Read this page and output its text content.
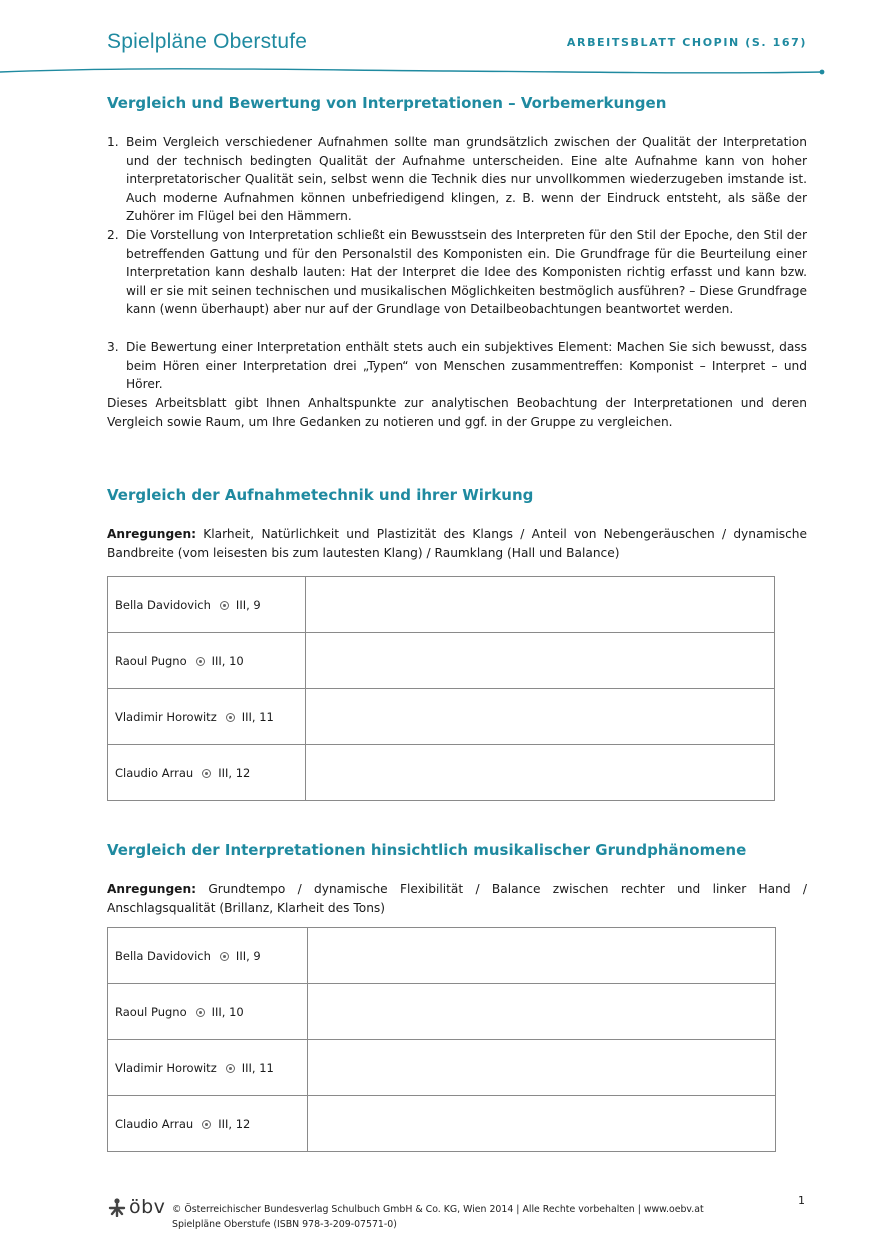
Spielpläne Oberstufe	ARBEITSBLATT CHOPIN (S. 167)
Vergleich und Bewertung von Interpretationen – Vorbemerkungen
1. Beim Vergleich verschiedener Aufnahmen sollte man grundsätzlich zwischen der Qualität der Interpretation und der technisch bedingten Qualität der Aufnahme unterscheiden. Eine alte Aufnahme kann von hoher interpretatorischer Qualität sein, selbst wenn die Technik dies nur unvollkommen wiederzugeben imstande ist. Auch moderne Aufnahmen können unbefriedigend klingen, z. B. wenn der Eindruck entsteht, als säße der Zuhörer im Flügel bei den Hämmern.
2. Die Vorstellung von Interpretation schließt ein Bewusstsein des Interpreten für den Stil der Epoche, den Stil der betreffenden Gattung und für den Personalstil des Komponisten ein. Die Grundfrage für die Beurteilung einer Interpretation kann deshalb lauten: Hat der Interpret die Idee des Komponisten richtig erfasst und kann bzw. will er sie mit seinen technischen und musikalischen Möglichkeiten bestmöglich ausführen? – Diese Grundfrage kann (wenn überhaupt) aber nur auf der Grundlage von Detailbeobachtungen beantwortet werden.
3. Die Bewertung einer Interpretation enthält stets auch ein subjektives Element: Machen Sie sich bewusst, dass beim Hören einer Interpretation drei „Typen“ von Menschen zusammentreffen: Komponist – Interpret – und Hörer.
Dieses Arbeitsblatt gibt Ihnen Anhaltspunkte zur analytischen Beobachtung der Interpretationen und deren Vergleich sowie Raum, um Ihre Gedanken zu notieren und ggf. in der Gruppe zu vergleichen.
Vergleich der Aufnahmetechnik und ihrer Wirkung
Anregungen: Klarheit, Natürlichkeit und Plastizität des Klangs / Anteil von Nebengeräuschen / dynamische Bandbreite (vom leisesten bis zum lautesten Klang) / Raumklang (Hall und Balance)
Bella Davidovich III, 9	
Raoul Pugno III, 10	
Vladimir Horowitz III, 11	
Claudio Arrau III, 12	
Vergleich der Interpretationen hinsichtlich musikalischer Grundphänomene
Anregungen: Grundtempo / dynamische Flexibilität / Balance zwischen rechter und linker Hand / Anschlagsqualität (Brillanz, Klarheit des Tons)
Bella Davidovich III, 9	
Raoul Pugno III, 10	
Vladimir Horowitz III, 11	
Claudio Arrau III, 12	
1
öbv © Österreichischer Bundesverlag Schulbuch GmbH & Co. KG, Wien 2014 | Alle Rechte vorbehalten | www.oebv.at
Spielpläne Oberstufe (ISBN 978-3-209-07571-0)
